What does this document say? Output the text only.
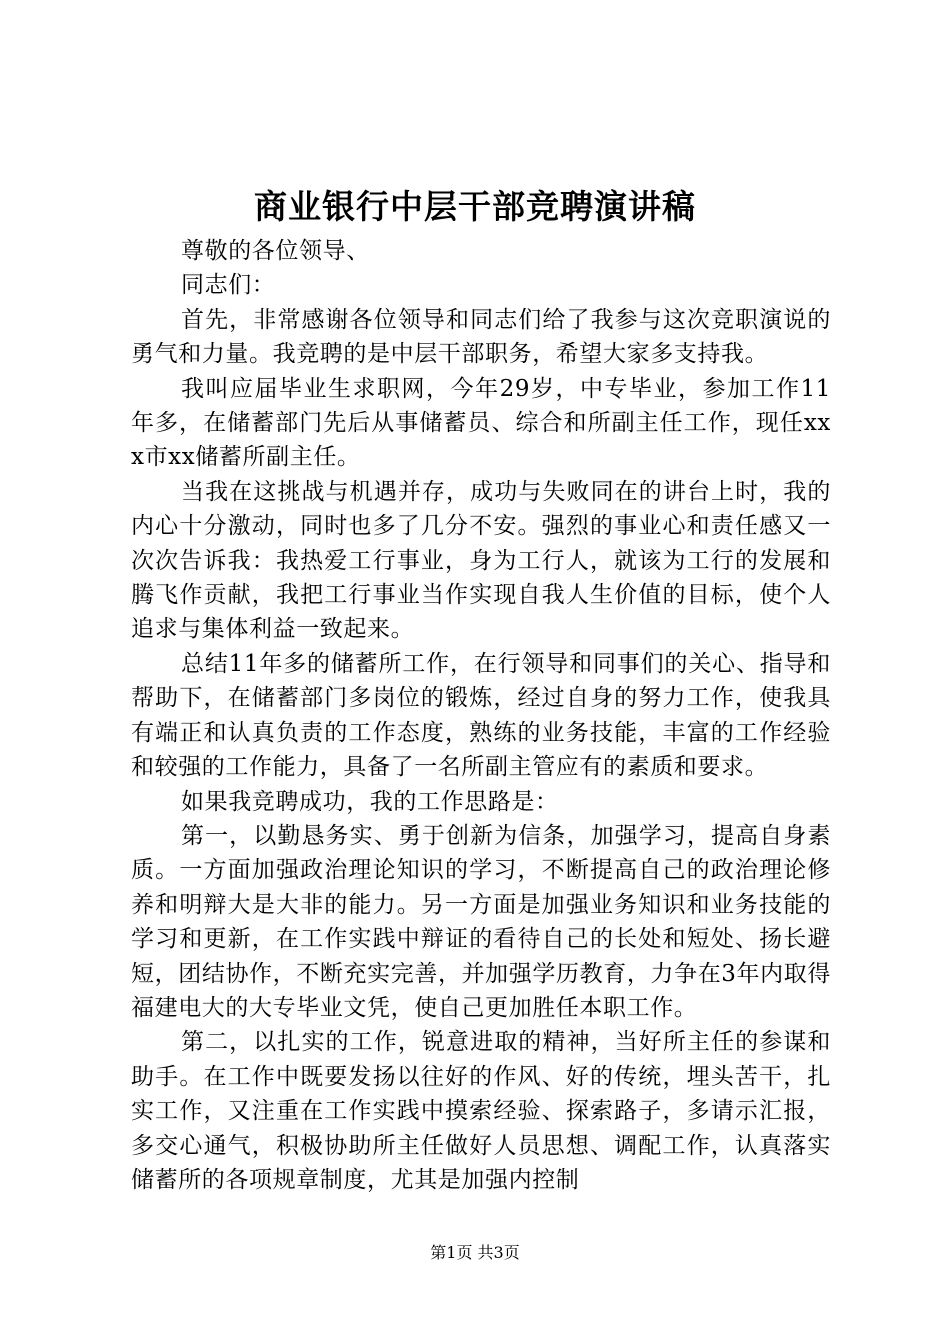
商业银行中层干部竞聘演讲稿

尊敬的各位领导、

同志们：

首先，非常感谢各位领导和同志们给了我参与这次竞职演说的勇气和力量。我竞聘的是中层干部职务，希望大家多支持我。

我叫应届毕业生求职网，今年29岁，中专毕业，参加工作11年多，在储蓄部门先后从事储蓄员、综合和所副主任工作，现任xxx市xx储蓄所副主任。

当我在这挑战与机遇并存，成功与失败同在的讲台上时，我的内心十分激动，同时也多了几分不安。强烈的事业心和责任感又一次次告诉我：我热爱工行事业，身为工行人，就该为工行的发展和腾飞作贡献，我把工行事业当作实现自我人生价值的目标，使个人追求与集体利益一致起来。

总结11年多的储蓄所工作，在行领导和同事们的关心、指导和帮助下，在储蓄部门多岗位的锻炼，经过自身的努力工作，使我具有端正和认真负责的工作态度，熟练的业务技能，丰富的工作经验和较强的工作能力，具备了一名所副主管应有的素质和要求。

如果我竞聘成功，我的工作思路是：

第一，以勤恳务实、勇于创新为信条，加强学习，提高自身素质。一方面加强政治理论知识的学习，不断提高自己的政治理论修养和明辩大是大非的能力。另一方面是加强业务知识和业务技能的学习和更新，在工作实践中辩证的看待自己的长处和短处、扬长避短，团结协作，不断充实完善，并加强学历教育，力争在3年内取得福建电大的大专毕业文凭，使自己更加胜任本职工作。

第二，以扎实的工作，锐意进取的精神，当好所主任的参谋和助手。在工作中既要发扬以往好的作风、好的传统，埋头苦干，扎实工作，又注重在工作实践中摸索经验、探索路子，多请示汇报，多交心通气，积极协助所主任做好人员思想、调配工作，认真落实储蓄所的各项规章制度，尤其是加强内控制

第1页 共3页
